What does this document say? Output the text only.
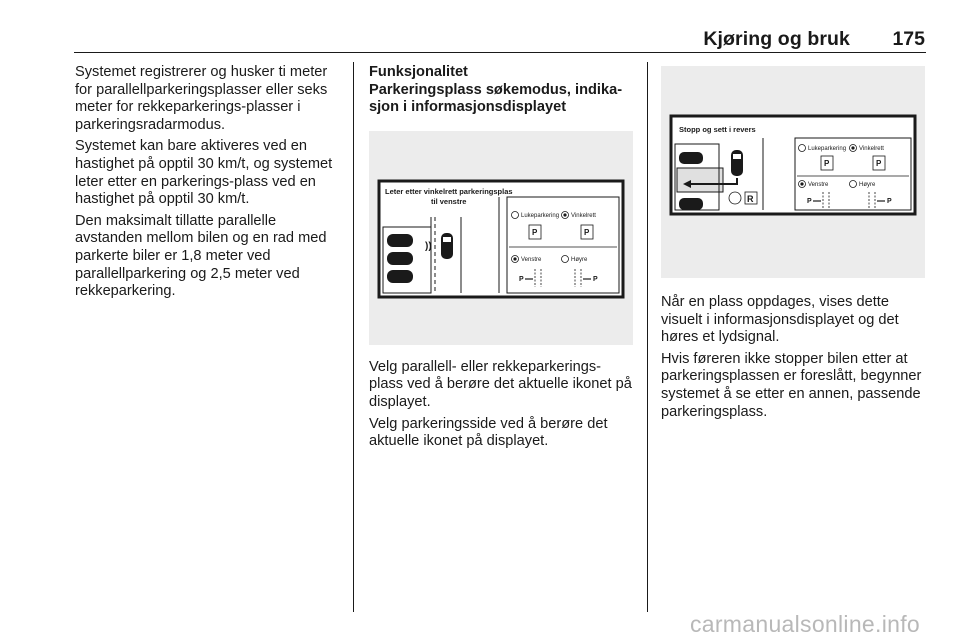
Kjøring og bruk 175

Systemet registrerer og husker ti meter for parallellparkeringsplasser eller seks meter for rekkeparkerings-plasser i parkeringsradarmodus.

Systemet kan bare aktiveres ved en hastighet på opptil 30 km/t, og systemet leter etter en parkerings-plass ved en hastighet på opptil 30 km/t.

Den maksimalt tillatte parallelle avstanden mellom bilen og en rad med parkerte biler er 1,8 meter ved parallellparkering og 2,5 meter ved rekkeparkering.

Funksjonalitet
Parkeringsplass søkemodus, indika-sjon i informasjonsdisplayet
Leter etter vinkelrett parkeringsplas
til venstre
))
Lukeparkering Vinkelrett
P	P
Venstre	Høyre
P	P

Velg parallell- eller rekkeparkerings-plass ved å berøre det aktuelle ikonet på displayet.

Velg parkeringsside ved å berøre det aktuelle ikonet på displayet.

Stopp og sett i revers
R
Lukeparkering Vinkelrett
P	P
Venstre	Høyre
P	P

Når en plass oppdages, vises dette visuelt i informasjonsdisplayet og det høres et lydsignal.

Hvis føreren ikke stopper bilen etter at parkeringsplassen er foreslått, begynner systemet å se etter en annen, passende parkeringsplass.

carmanualsonline.info
